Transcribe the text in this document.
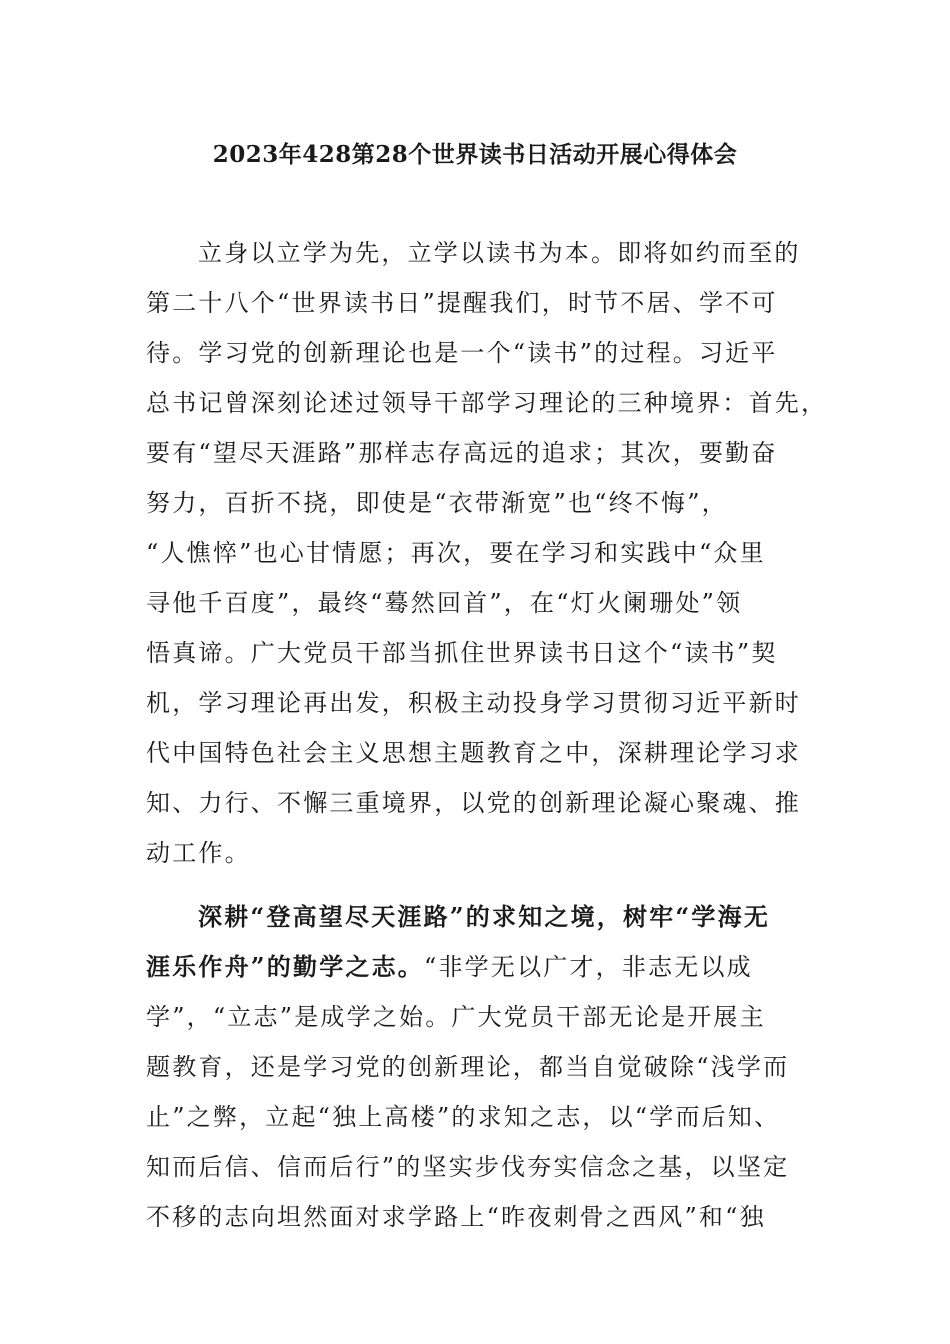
2023年428第28个世界读书日活动开展心得体会
立身以立学为先，立学以读书为本。即将如约而至的
第二十八个“世界读书日”提醒我们，时节不居、学不可
待。学习党的创新理论也是一个“读书”的过程。习近平
总书记曾深刻论述过领导干部学习理论的三种境界：首先，
要有“望尽天涯路”那样志存高远的追求；其次，要勤奋
努力，百折不挠，即使是“衣带渐宽”也“终不悔”，
“人憔悴”也心甘情愿；再次，要在学习和实践中“众里
寻他千百度”，最终“蓦然回首”，在“灯火阑珊处”领
悟真谛。广大党员干部当抓住世界读书日这个“读书”契
机，学习理论再出发，积极主动投身学习贯彻习近平新时
代中国特色社会主义思想主题教育之中，深耕理论学习求
知、力行、不懈三重境界，以党的创新理论凝心聚魂、推
动工作。
深耕“登高望尽天涯路”的求知之境，树牢“学海无
涯乐作舟”的勤学之志。“非学无以广才，非志无以成
学”，“立志”是成学之始。广大党员干部无论是开展主
题教育，还是学习党的创新理论，都当自觉破除“浅学而
止”之弊，立起“独上高楼”的求知之志，以“学而后知、
知而后信、信而后行”的坚实步伐夯实信念之基，以坚定
不移的志向坦然面对求学路上“昨夜刺骨之西风”和“独
